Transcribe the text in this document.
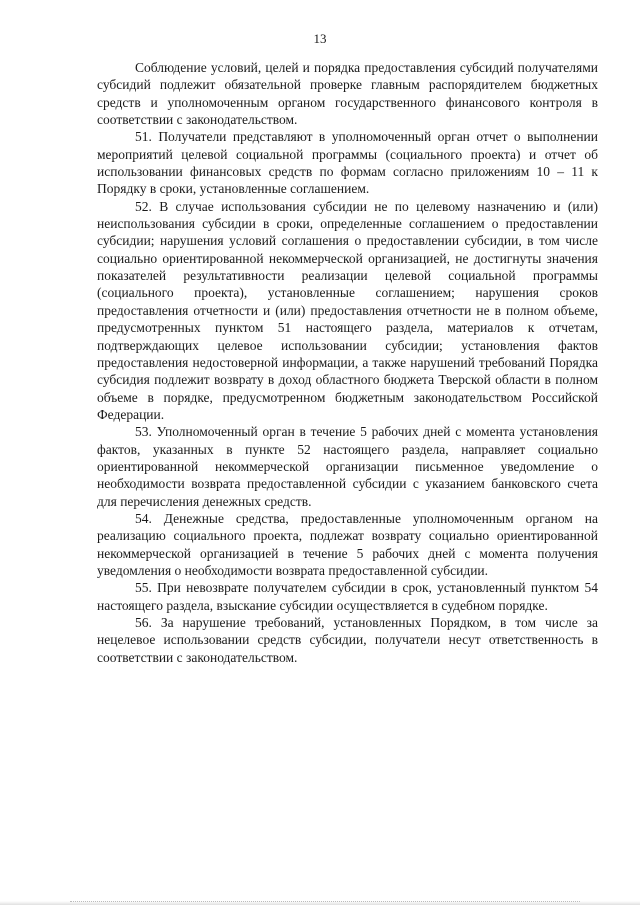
13

Соблюдение условий, целей и порядка предоставления субсидий получателями субсидий подлежит обязательной проверке главным распорядителем бюджетных средств и уполномоченным органом государственного финансового контроля в соответствии с законодательством.

51. Получатели представляют в уполномоченный орган отчет о выполнении мероприятий целевой социальной программы (социального проекта) и отчет об использовании финансовых средств по формам согласно приложениям 10 – 11 к Порядку в сроки, установленные соглашением.

52. В случае использования субсидии не по целевому назначению и (или) неиспользования субсидии в сроки, определенные соглашением о предоставлении субсидии; нарушения условий соглашения о предоставлении субсидии, в том числе социально ориентированной некоммерческой организацией, не достигнуты значения показателей результативности реализации целевой социальной программы (социального проекта), установленные соглашением; нарушения сроков предоставления отчетности и (или) предоставления отчетности не в полном объеме, предусмотренных пунктом 51 настоящего раздела, материалов к отчетам, подтверждающих целевое использовании субсидии; установления фактов предоставления недостоверной информации, а также нарушений требований Порядка субсидия подлежит возврату в доход областного бюджета Тверской области в полном объеме в порядке, предусмотренном бюджетным законодательством Российской Федерации.

53. Уполномоченный орган в течение 5 рабочих дней с момента установления фактов, указанных в пункте 52 настоящего раздела, направляет социально ориентированной некоммерческой организации письменное уведомление о необходимости возврата предоставленной субсидии с указанием банковского счета для перечисления денежных средств.

54. Денежные средства, предоставленные уполномоченным органом на реализацию социального проекта, подлежат возврату социально ориентированной некоммерческой организацией в течение 5 рабочих дней с момента получения уведомления о необходимости возврата предоставленной субсидии.

55. При невозврате получателем субсидии в срок, установленный пунктом 54 настоящего раздела, взыскание субсидии осуществляется в судебном порядке.

56. За нарушение требований, установленных Порядком, в том числе за нецелевое использовании средств субсидии, получатели несут ответственность в соответствии с законодательством.
